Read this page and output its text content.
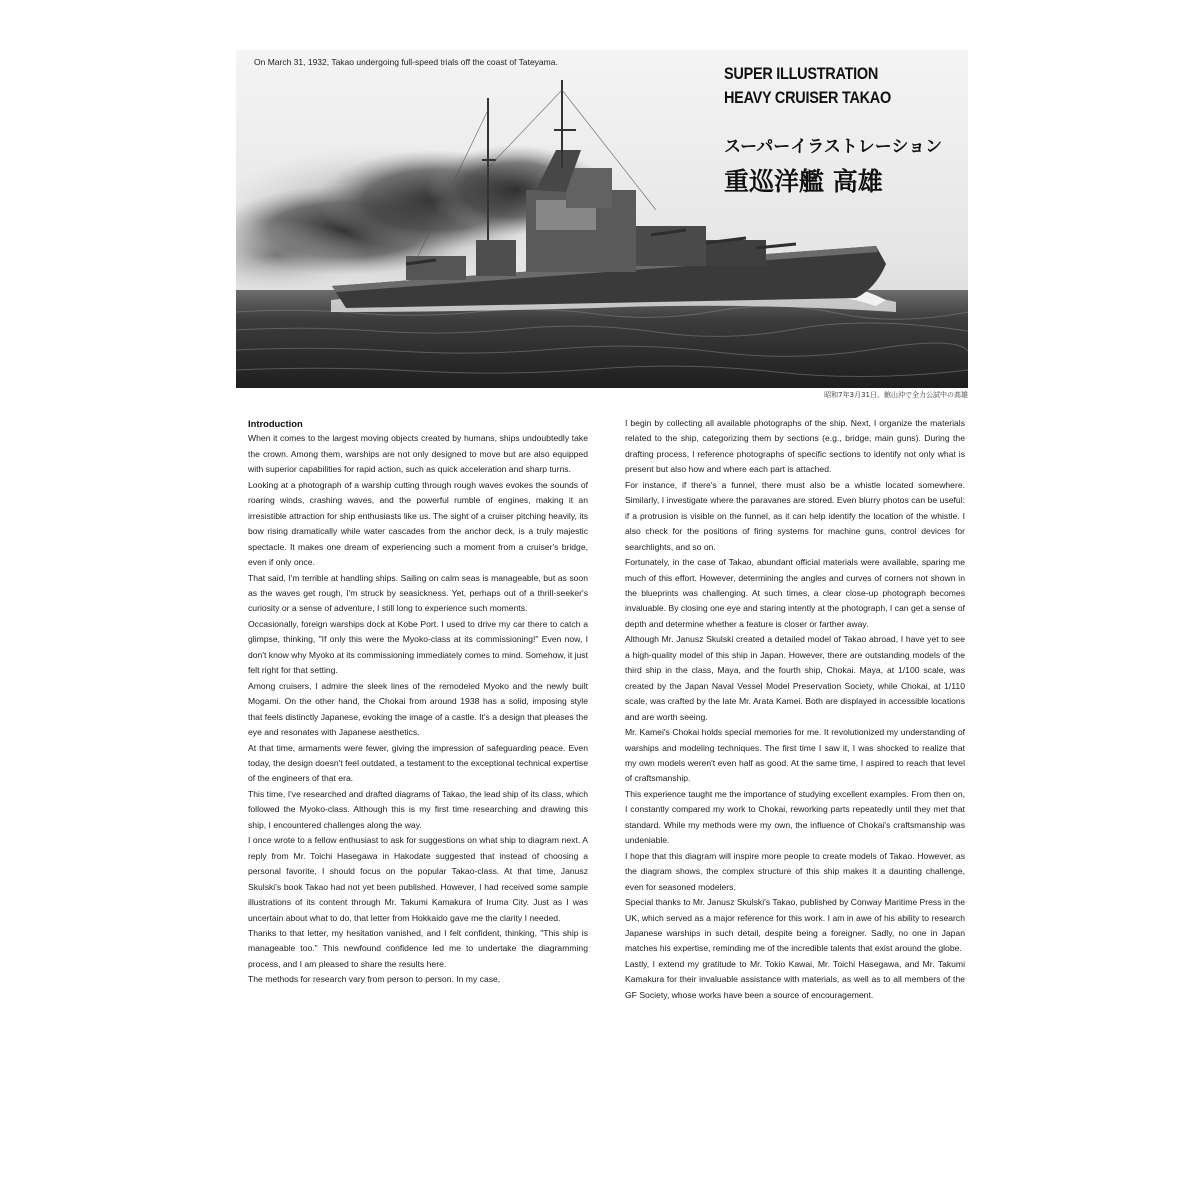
On March 31, 1932, Takao undergoing full-speed trials off the coast of Tateyama.
SUPER ILLUSTRATION
HEAVY CRUISER TAKAO
スーパーイラストレーション
重巡洋艦 高雄
昭和7年3月31日、館山沖で全力公試中の高雄
Introduction

When it comes to the largest moving objects created by humans, ships undoubtedly take the crown. Among them, warships are not only designed to move but are also equipped with superior capabilities for rapid action, such as quick acceleration and sharp turns.

Looking at a photograph of a warship cutting through rough waves evokes the sounds of roaring winds, crashing waves, and the powerful rumble of engines, making it an irresistible attraction for ship enthusiasts like us. The sight of a cruiser pitching heavily, its bow rising dramatically while water cascades from the anchor deck, is a truly majestic spectacle. It makes one dream of experiencing such a moment from a cruiser's bridge, even if only once.

That said, I'm terrible at handling ships. Sailing on calm seas is manageable, but as soon as the waves get rough, I'm struck by seasickness. Yet, perhaps out of a thrill-seeker's curiosity or a sense of adventure, I still long to experience such moments.

Occasionally, foreign warships dock at Kobe Port. I used to drive my car there to catch a glimpse, thinking, "If only this were the Myoko-class at its commissioning!" Even now, I don't know why Myoko at its commissioning immediately comes to mind. Somehow, it just felt right for that setting.

Among cruisers, I admire the sleek lines of the remodeled Myoko and the newly built Mogami. On the other hand, the Chokai from around 1938 has a solid, imposing style that feels distinctly Japanese, evoking the image of a castle. It's a design that pleases the eye and resonates with Japanese aesthetics.

At that time, armaments were fewer, giving the impression of safeguarding peace. Even today, the design doesn't feel outdated, a testament to the exceptional technical expertise of the engineers of that era.

This time, I've researched and drafted diagrams of Takao, the lead ship of its class, which followed the Myoko-class. Although this is my first time researching and drawing this ship, I encountered challenges along the way.

I once wrote to a fellow enthusiast to ask for suggestions on what ship to diagram next. A reply from Mr. Toichi Hasegawa in Hakodate suggested that instead of choosing a personal favorite, I should focus on the popular Takao-class. At that time, Janusz Skulski's book Takao had not yet been published. However, I had received some sample illustrations of its content through Mr. Takumi Kamakura of Iruma City. Just as I was uncertain about what to do, that letter from Hokkaido gave me the clarity I needed.

Thanks to that letter, my hesitation vanished, and I felt confident, thinking, "This ship is manageable too." This newfound confidence led me to undertake the diagramming process, and I am pleased to share the results here.

The methods for research vary from person to person. In my case,

I begin by collecting all available photographs of the ship. Next, I organize the materials related to the ship, categorizing them by sections (e.g., bridge, main guns). During the drafting process, I reference photographs of specific sections to identify not only what is present but also how and where each part is attached.

For instance, if there's a funnel, there must also be a whistle located somewhere. Similarly, I investigate where the paravanes are stored. Even blurry photos can be useful: if a protrusion is visible on the funnel, as it can help identify the location of the whistle. I also check for the positions of firing systems for machine guns, control devices for searchlights, and so on.

Fortunately, in the case of Takao, abundant official materials were available, sparing me much of this effort. However, determining the angles and curves of corners not shown in the blueprints was challenging. At such times, a clear close-up photograph becomes invaluable. By closing one eye and staring intently at the photograph, I can get a sense of depth and determine whether a feature is closer or farther away.

Although Mr. Janusz Skulski created a detailed model of Takao abroad, I have yet to see a high-quality model of this ship in Japan. However, there are outstanding models of the third ship in the class, Maya, and the fourth ship, Chokai. Maya, at 1/100 scale, was created by the Japan Naval Vessel Model Preservation Society, while Chokai, at 1/110 scale, was crafted by the late Mr. Arata Kamei. Both are displayed in accessible locations and are worth seeing.

Mr. Kamei's Chokai holds special memories for me. It revolutionized my understanding of warships and modeling techniques. The first time I saw it, I was shocked to realize that my own models weren't even half as good. At the same time, I aspired to reach that level of craftsmanship.

This experience taught me the importance of studying excellent examples. From then on, I constantly compared my work to Chokai, reworking parts repeatedly until they met that standard. While my methods were my own, the influence of Chokai's craftsmanship was undeniable.

I hope that this diagram will inspire more people to create models of Takao. However, as the diagram shows, the complex structure of this ship makes it a daunting challenge, even for seasoned modelers.

Special thanks to Mr. Janusz Skulski's Takao, published by Conway Maritime Press in the UK, which served as a major reference for this work. I am in awe of his ability to research Japanese warships in such detail, despite being a foreigner. Sadly, no one in Japan matches his expertise, reminding me of the incredible talents that exist around the globe.

Lastly, I extend my gratitude to Mr. Tokio Kawai, Mr. Toichi Hasegawa, and Mr. Takumi Kamakura for their invaluable assistance with materials, as well as to all members of the GF Society, whose works have been a source of encouragement.
